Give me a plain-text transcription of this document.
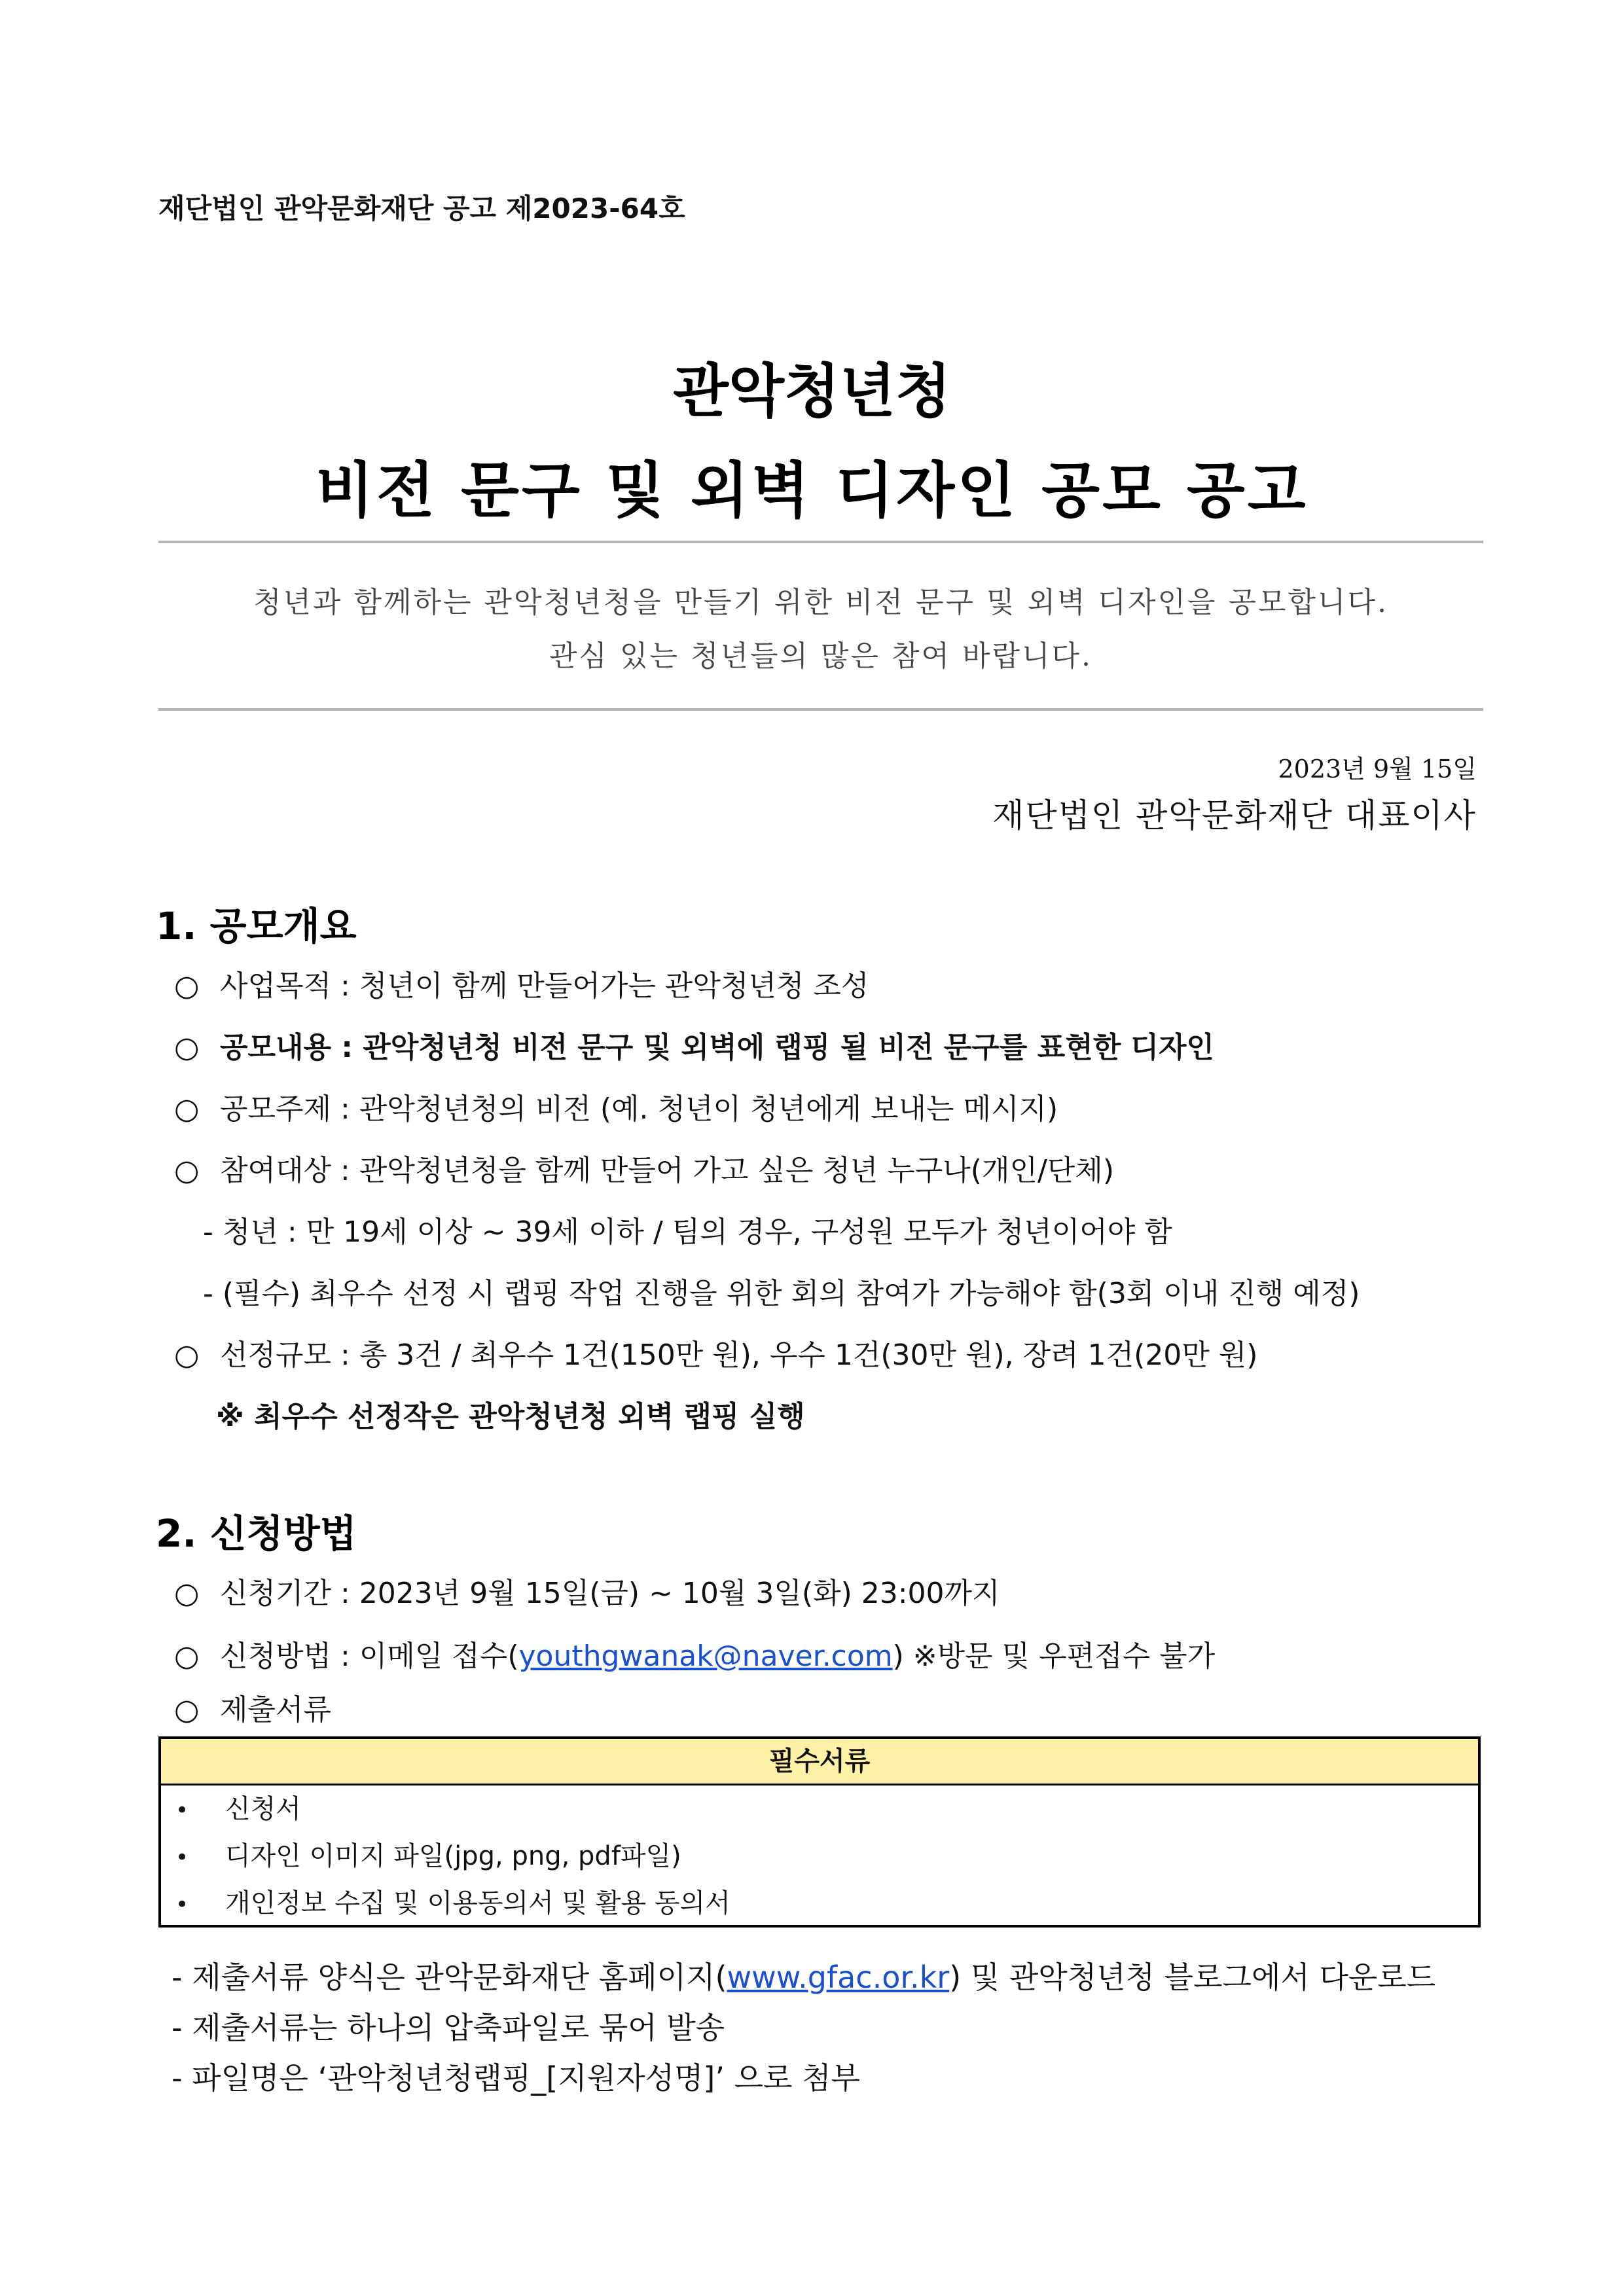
재단법인 관악문화재단 공고 제2023-64호
관악청년청
비전 문구 및 외벽 디자인 공모 공고
청년과 함께하는 관악청년청을 만들기 위한 비전 문구 및 외벽 디자인을 공모합니다.
관심 있는 청년들의 많은 참여 바랍니다.
2023년 9월 15일
재단법인 관악문화재단 대표이사
1. 공모개요
○ 사업목적 : 청년이 함께 만들어가는 관악청년청 조성
○ 공모내용 : 관악청년청 비전 문구 및 외벽에 랩핑 될 비전 문구를 표현한 디자인
○ 공모주제 : 관악청년청의 비전 (예. 청년이 청년에게 보내는 메시지)
○ 참여대상 : 관악청년청을 함께 만들어 가고 싶은 청년 누구나(개인/단체)
- 청년 : 만 19세 이상 ~ 39세 이하 / 팀의 경우, 구성원 모두가 청년이어야 함
- (필수) 최우수 선정 시 랩핑 작업 진행을 위한 회의 참여가 가능해야 함(3회 이내 진행 예정)
○ 선정규모 : 총 3건 / 최우수 1건(150만 원), 우수 1건(30만 원), 장려 1건(20만 원)
※ 최우수 선정작은 관악청년청 외벽 랩핑 실행
2. 신청방법
○ 신청기간 : 2023년 9월 15일(금) ~ 10월 3일(화) 23:00까지
○ 신청방법 : 이메일 접수(youthgwanak@naver.com) ※방문 및 우편접수 불가
○ 제출서류
필수서류
• 신청서
• 디자인 이미지 파일(jpg, png, pdf파일)
• 개인정보 수집 및 이용동의서 및 활용 동의서
- 제출서류 양식은 관악문화재단 홈페이지(www.gfac.or.kr) 및 관악청년청 블로그에서 다운로드
- 제출서류는 하나의 압축파일로 묶어 발송
- 파일명은 ‘관악청년청랩핑_[지원자성명]’ 으로 첨부
